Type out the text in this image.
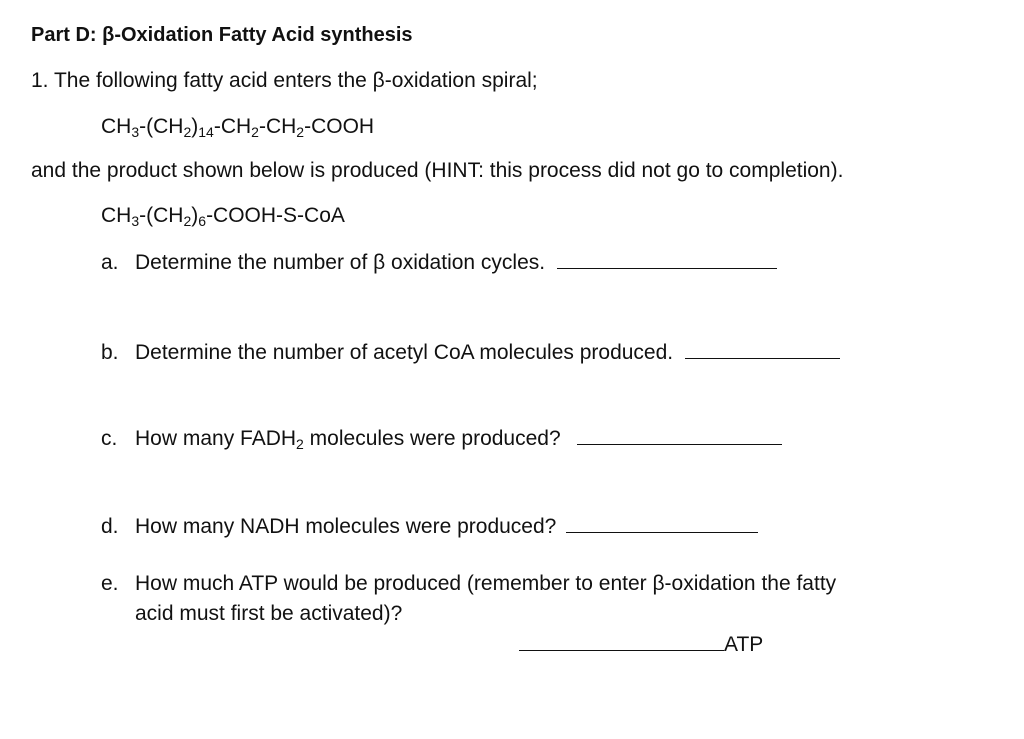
Part D: β-Oxidation Fatty Acid synthesis
1. The following fatty acid enters the β-oxidation spiral;
$CH_3-(CH_2)_{14}-CH_2-CH_2$-COOH
and the product shown below is produced (HINT: this process did not go to completion).
$CH_3-(CH_2)_6-COOH-S$-CoA
a. Determine the number of β oxidation cycles.
b. Determine the number of acetyl CoA molecules produced.
c. How many $FADH_2$ molecules were produced?
d. How many NADH molecules were produced?
e. How much ATP would be produced (remember to enter β-oxidation the fatty
acid must first be activated)?
ATP
